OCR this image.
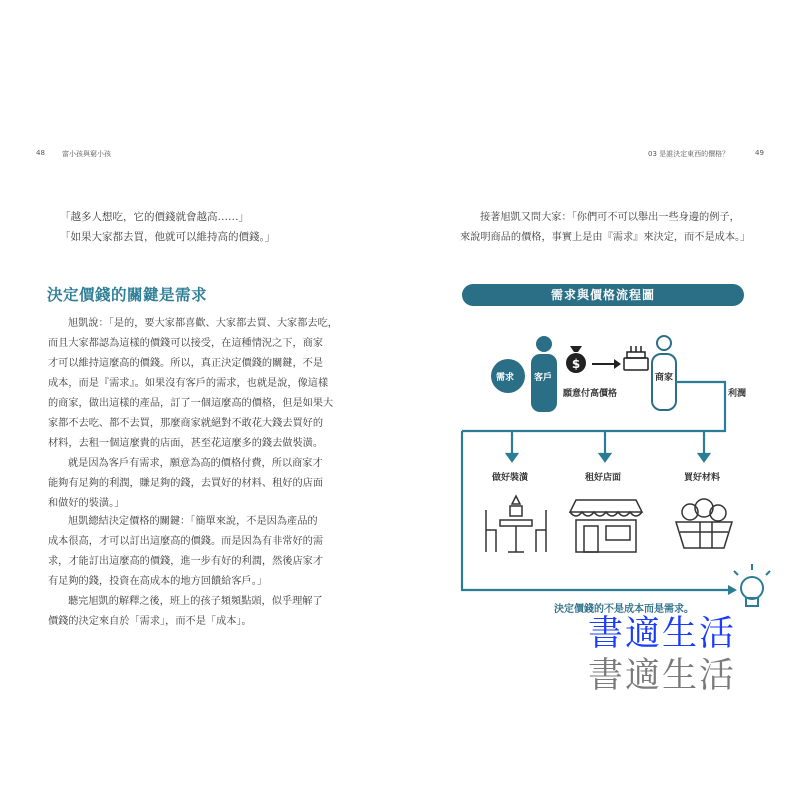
48 富小孩與窮小孩	03 是誰決定東西的價格？	49
「越多人想吃，它的價錢就會越高……」
「如果大家都去買，他就可以維持高的價錢。」
決定價錢的關鍵是需求
旭凱說：「是的，要大家都喜歡、大家都去買、大家都去吃，
而且大家都認為這樣的價錢可以接受，在這種情況之下，商家
才可以維持這麼高的價錢。所以，真正決定價錢的關鍵，不是
成本，而是『需求』。如果沒有客戶的需求，也就是說，像這樣
的商家，做出這樣的產品，訂了一個這麼高的價格，但是如果大
家都不去吃、都不去買，那麼商家就絕對不敢花大錢去買好的
材料，去租一個這麼貴的店面，甚至花這麼多的錢去做裝潢。
就是因為客戶有需求，願意為高的價格付費，所以商家才
能夠有足夠的利潤，賺足夠的錢，去買好的材料、租好的店面
和做好的裝潢。」
旭凱總結決定價格的關鍵：「簡單來說，不是因為產品的
成本很高，才可以訂出這麼高的價錢。而是因為有非常好的需
求，才能訂出這麼高的價錢，進一步有好的利潤，然後店家才
有足夠的錢，投資在高成本的地方回饋給客戶。」
聽完旭凱的解釋之後，班上的孩子頻頻點頭，似乎理解了
價錢的決定來自於「需求」，而不是「成本」。
接著旭凱又問大家：「你們可不可以舉出一些身邊的例子，
來說明商品的價格，事實上是由『需求』來決定，而不是成本。」
需求與價格流程圖
$
需求 客戶	商家
願意付高價格	利潤
做好裝潢	租好店面	買好材料
決定價錢的不是成本而是需求。
書適生活
書適生活
